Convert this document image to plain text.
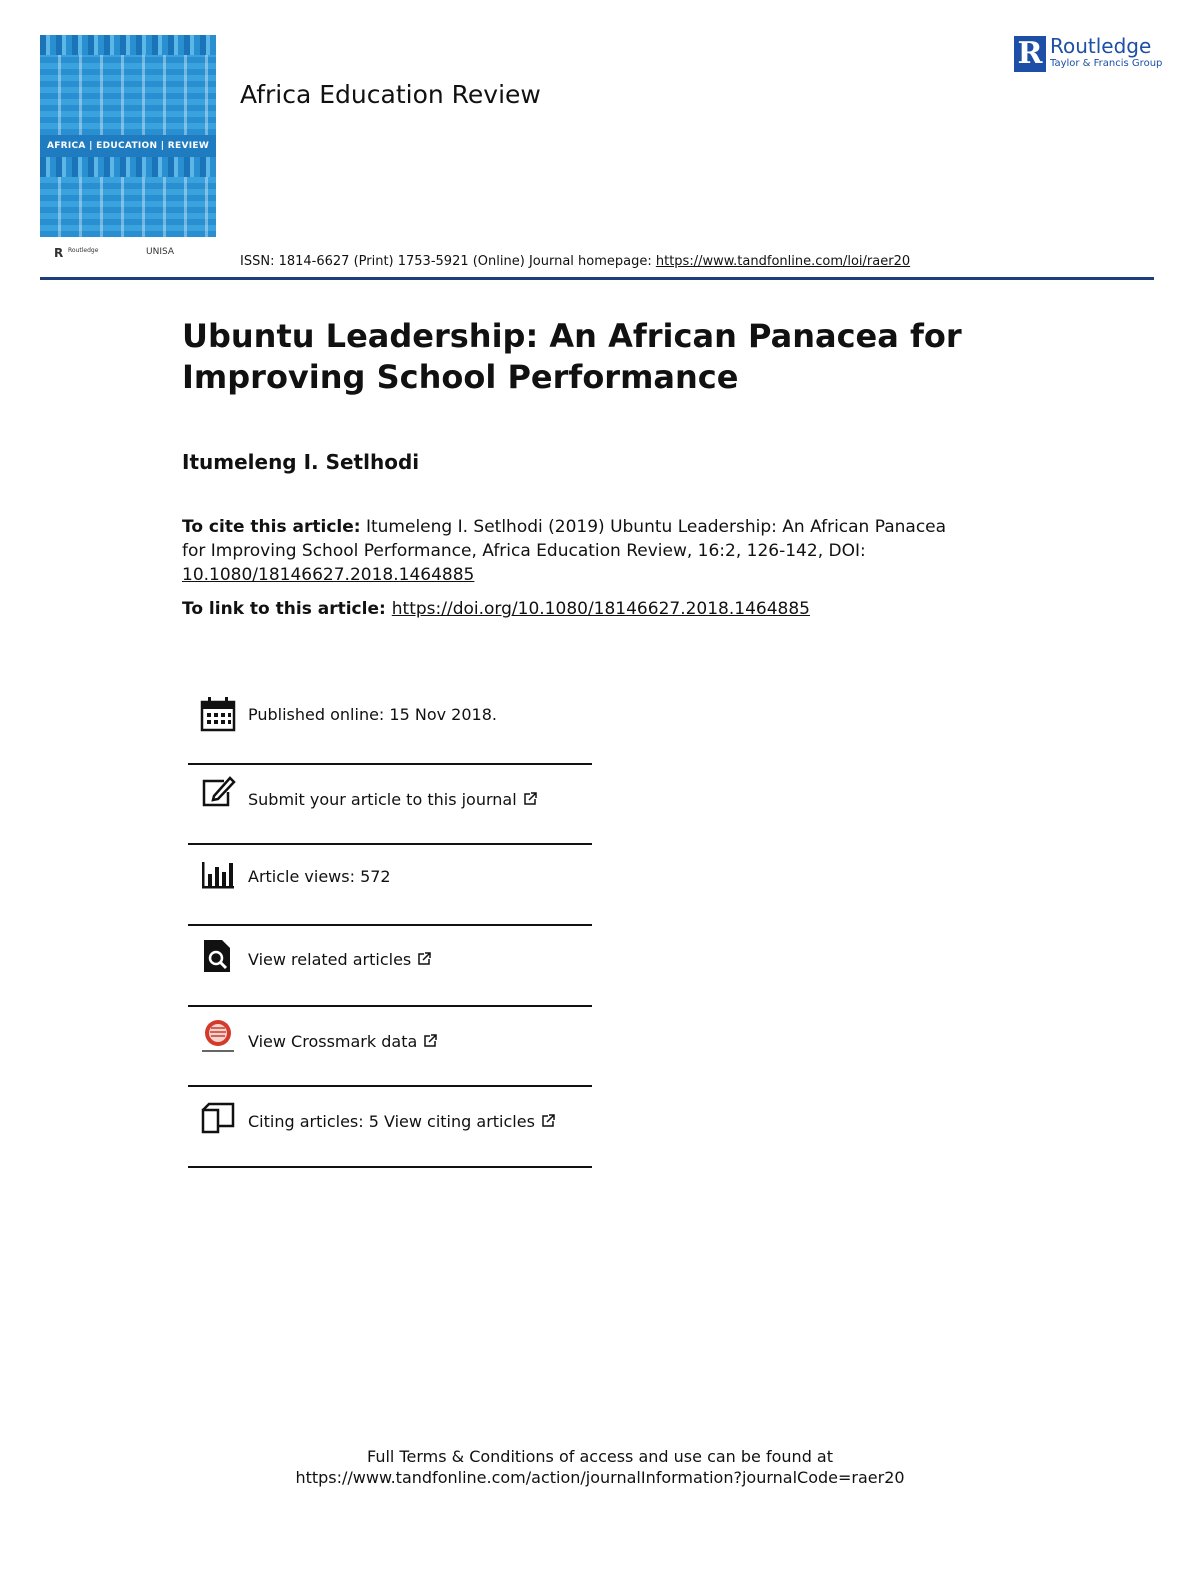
AFRICA | EDUCATION | REVIEW
R Routledge	UNISA
Africa Education Review
R Routledge
Taylor & Francis Group
ISSN: 1814-6627 (Print) 1753-5921 (Online) Journal homepage: https://www.tandfonline.com/loi/raer20
Ubuntu Leadership: An African Panacea for Improving School Performance
Itumeleng I. Setlhodi
To cite this article: Itumeleng I. Setlhodi (2019) Ubuntu Leadership: An African Panacea for Improving School Performance, Africa Education Review, 16:2, 126-142, DOI: 10.1080/18146627.2018.1464885
To link to this article: https://doi.org/10.1080/18146627.2018.1464885
Published online: 15 Nov 2018.
Submit your article to this journal
Article views: 572
View related articles
View Crossmark data
Citing articles: 5 View citing articles
Full Terms & Conditions of access and use can be found at
https://www.tandfonline.com/action/journalInformation?journalCode=raer20
